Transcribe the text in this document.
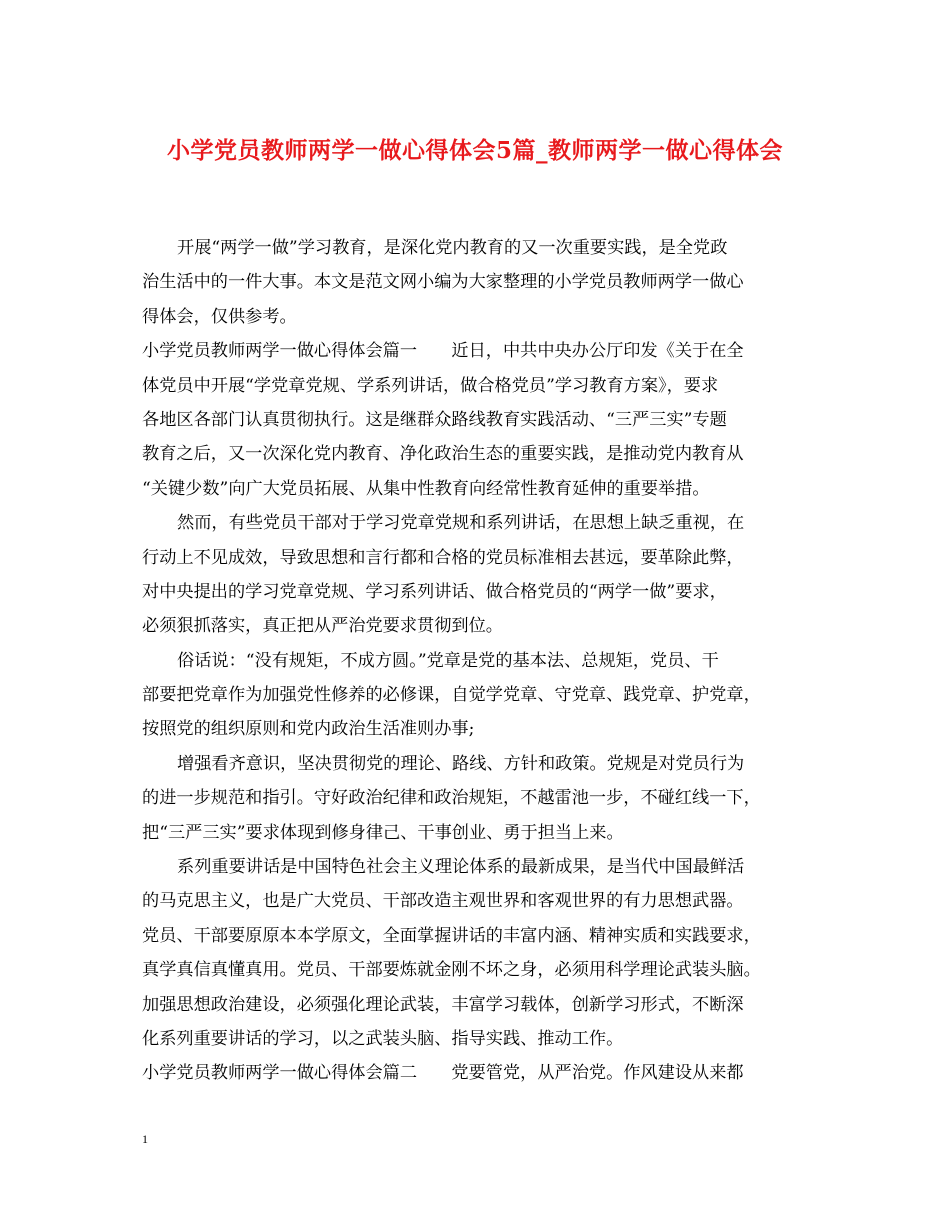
小学党员教师两学一做心得体会5篇_教师两学一做心得体会
开展“两学一做”学习教育，是深化党内教育的又一次重要实践，是全党政
治生活中的一件大事。本文是范文网小编为大家整理的小学党员教师两学一做心
得体会，仅供参考。
小学党员教师两学一做心得体会篇一　　近日，中共中央办公厅印发《关于在全
体党员中开展“学党章党规、学系列讲话，做合格党员”学习教育方案》，要求
各地区各部门认真贯彻执行。这是继群众路线教育实践活动、“三严三实”专题
教育之后，又一次深化党内教育、净化政治生态的重要实践，是推动党内教育从
“关键少数”向广大党员拓展、从集中性教育向经常性教育延伸的重要举措。
然而，有些党员干部对于学习党章党规和系列讲话，在思想上缺乏重视，在
行动上不见成效，导致思想和言行都和合格的党员标准相去甚远，要革除此弊，
对中央提出的学习党章党规、学习系列讲话、做合格党员的“两学一做”要求，
必须狠抓落实，真正把从严治党要求贯彻到位。
俗话说：“没有规矩，不成方圆。”党章是党的基本法、总规矩，党员、干
部要把党章作为加强党性修养的必修课，自觉学党章、守党章、践党章、护党章，
按照党的组织原则和党内政治生活准则办事;
增强看齐意识，坚决贯彻党的理论、路线、方针和政策。党规是对党员行为
的进一步规范和指引。守好政治纪律和政治规矩，不越雷池一步，不碰红线一下，
把“三严三实”要求体现到修身律己、干事创业、勇于担当上来。
系列重要讲话是中国特色社会主义理论体系的最新成果，是当代中国最鲜活
的马克思主义，也是广大党员、干部改造主观世界和客观世界的有力思想武器。
党员、干部要原原本本学原文，全面掌握讲话的丰富内涵、精神实质和实践要求，
真学真信真懂真用。党员、干部要炼就金刚不坏之身，必须用科学理论武装头脑。
加强思想政治建设，必须强化理论武装，丰富学习载体，创新学习形式，不断深
化系列重要讲话的学习，以之武装头脑、指导实践、推动工作。
小学党员教师两学一做心得体会篇二　　党要管党，从严治党。作风建设从来都
1
